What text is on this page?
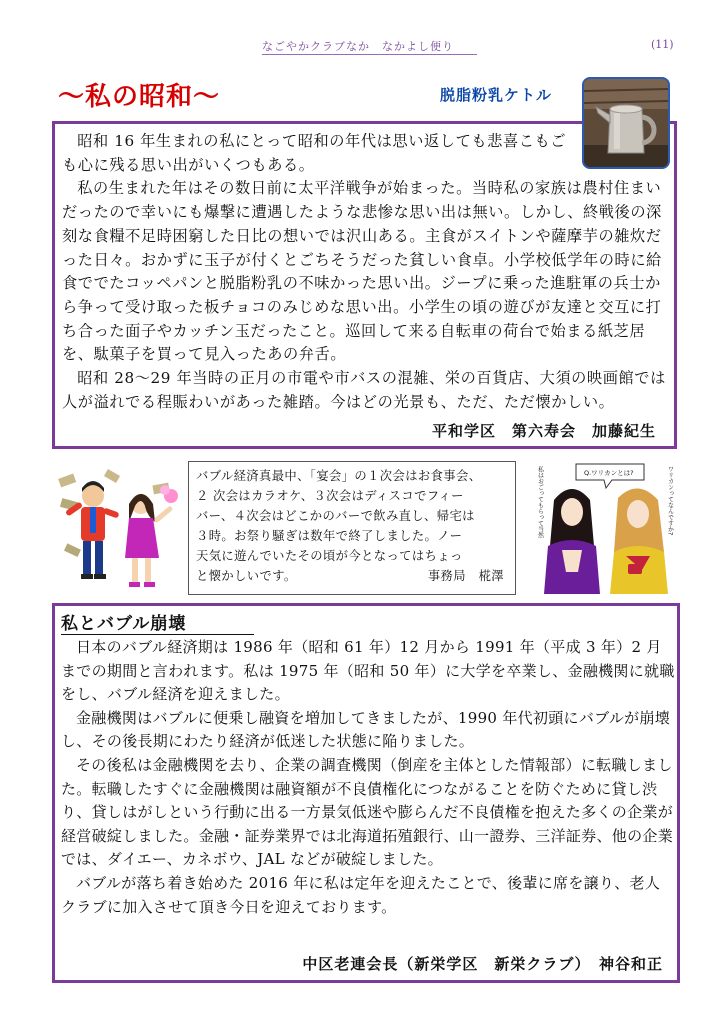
なごやかクラブなか　なかよし便り	(11)
～私の昭和～	脱脂粉乳ケトル

昭和 16 年生まれの私にとって昭和の年代は思い返しても悲喜こもごも心に残る思い出がいくつもある。

私の生まれた年はその数日前に太平洋戦争が始まった。当時私の家族は農村住まいだったので幸いにも爆撃に遭遇したような悲惨な思い出は無い。しかし、終戦後の深刻な食糧不足時困窮した日比の想いでは沢山ある。主食がスイトンや薩摩芋の雑炊だった日々。おかずに玉子が付くとごちそうだった貧しい食卓。小学校低学年の時に給食ででたコッペパンと脱脂粉乳の不味かった思い出。ジープに乗った進駐軍の兵士から争って受け取った板チョコのみじめな思い出。小学生の頃の遊びが友達と交互に打ち合った面子やカッチン玉だったこと。巡回して来る自転車の荷台で始まる紙芝居を、駄菓子を買って見入ったあの弁舌。

昭和 28～29 年当時の正月の市電や市バスの混雑、栄の百貨店、大須の映画館では人が溢れでる程賑わいがあった雑踏。今はどの光景も、ただ、ただ懐かしい。

平和学区　第六寿会　加藤紀生
バブル経済真最中、「宴会」の１次会はお食事会、
２ 次会はカラオケ、３次会はディスコでフィー
バー、４次会はどこかのバーで飲み直し、帰宅は
３時。お祭り騒ぎは数年で終了しました。ノー
天気に遊んでいたその頃が今となってはちょっ
と懐かしいです。	事務局　椛澤
Q.ワリカンとは?
私はおごってもらって当然	ワリカンってなんですか?
私とバブル崩壊

日本のバブル経済期は 1986 年（昭和 61 年）12 月から 1991 年（平成 3 年）2 月までの期間と言われます。私は 1975 年（昭和 50 年）に大学を卒業し、金融機関に就職をし、バブル経済を迎えました。

金融機関はバブルに便乗し融資を増加してきましたが、1990 年代初頭にバブルが崩壊し、その後長期にわたり経済が低迷した状態に陥りました。

その後私は金融機関を去り、企業の調査機関（倒産を主体とした情報部）に転職しました。転職したすぐに金融機関は融資額が不良債権化につながることを防ぐために貸し渋り、貸しはがしという行動に出る一方景気低迷や膨らんだ不良債権を抱えた多くの企業が経営破綻しました。金融・証券業界では北海道拓殖銀行、山一證券、三洋証券、他の企業では、ダイエー、カネボウ、JAL などが破綻しました。

バブルが落ち着き始めた 2016 年に私は定年を迎えたことで、後輩に席を譲り、老人クラブに加入させて頂き今日を迎えております。

中区老連会長（新栄学区　新栄クラブ）　神谷和正
